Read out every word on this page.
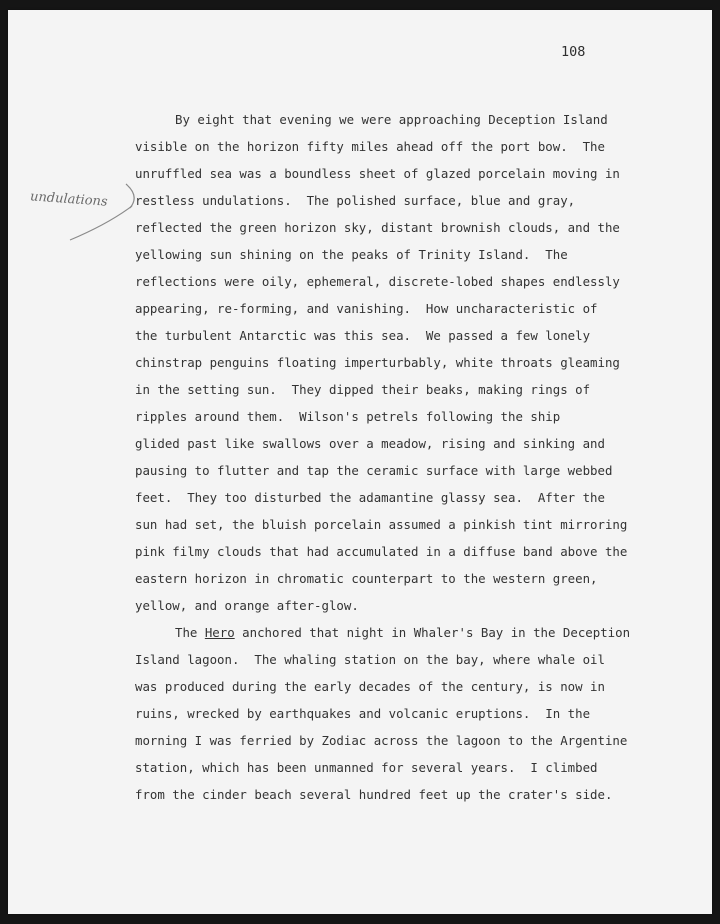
108
undulations
By eight that evening we were approaching Deception Island
visible on the horizon fifty miles ahead off the port bow.  The
unruffled sea was a boundless sheet of glazed porcelain moving in
restless undulations.  The polished surface, blue and gray,
reflected the green horizon sky, distant brownish clouds, and the
yellowing sun shining on the peaks of Trinity Island.  The
reflections were oily, ephemeral, discrete-lobed shapes endlessly
appearing, re-forming, and vanishing.  How uncharacteristic of
the turbulent Antarctic was this sea.  We passed a few lonely
chinstrap penguins floating imperturbably, white throats gleaming
in the setting sun.  They dipped their beaks, making rings of
ripples around them.  Wilson's petrels following the ship
glided past like swallows over a meadow, rising and sinking and
pausing to flutter and tap the ceramic surface with large webbed
feet.  They too disturbed the adamantine glassy sea.  After the
sun had set, the bluish porcelain assumed a pinkish tint mirroring
pink filmy clouds that had accumulated in a diffuse band above the
eastern horizon in chromatic counterpart to the western green,
yellow, and orange after-glow.
The Hero anchored that night in Whaler's Bay in the Deception
Island lagoon.  The whaling station on the bay, where whale oil
was produced during the early decades of the century, is now in
ruins, wrecked by earthquakes and volcanic eruptions.  In the
morning I was ferried by Zodiac across the lagoon to the Argentine
station, which has been unmanned for several years.  I climbed
from the cinder beach several hundred feet up the crater's side.
